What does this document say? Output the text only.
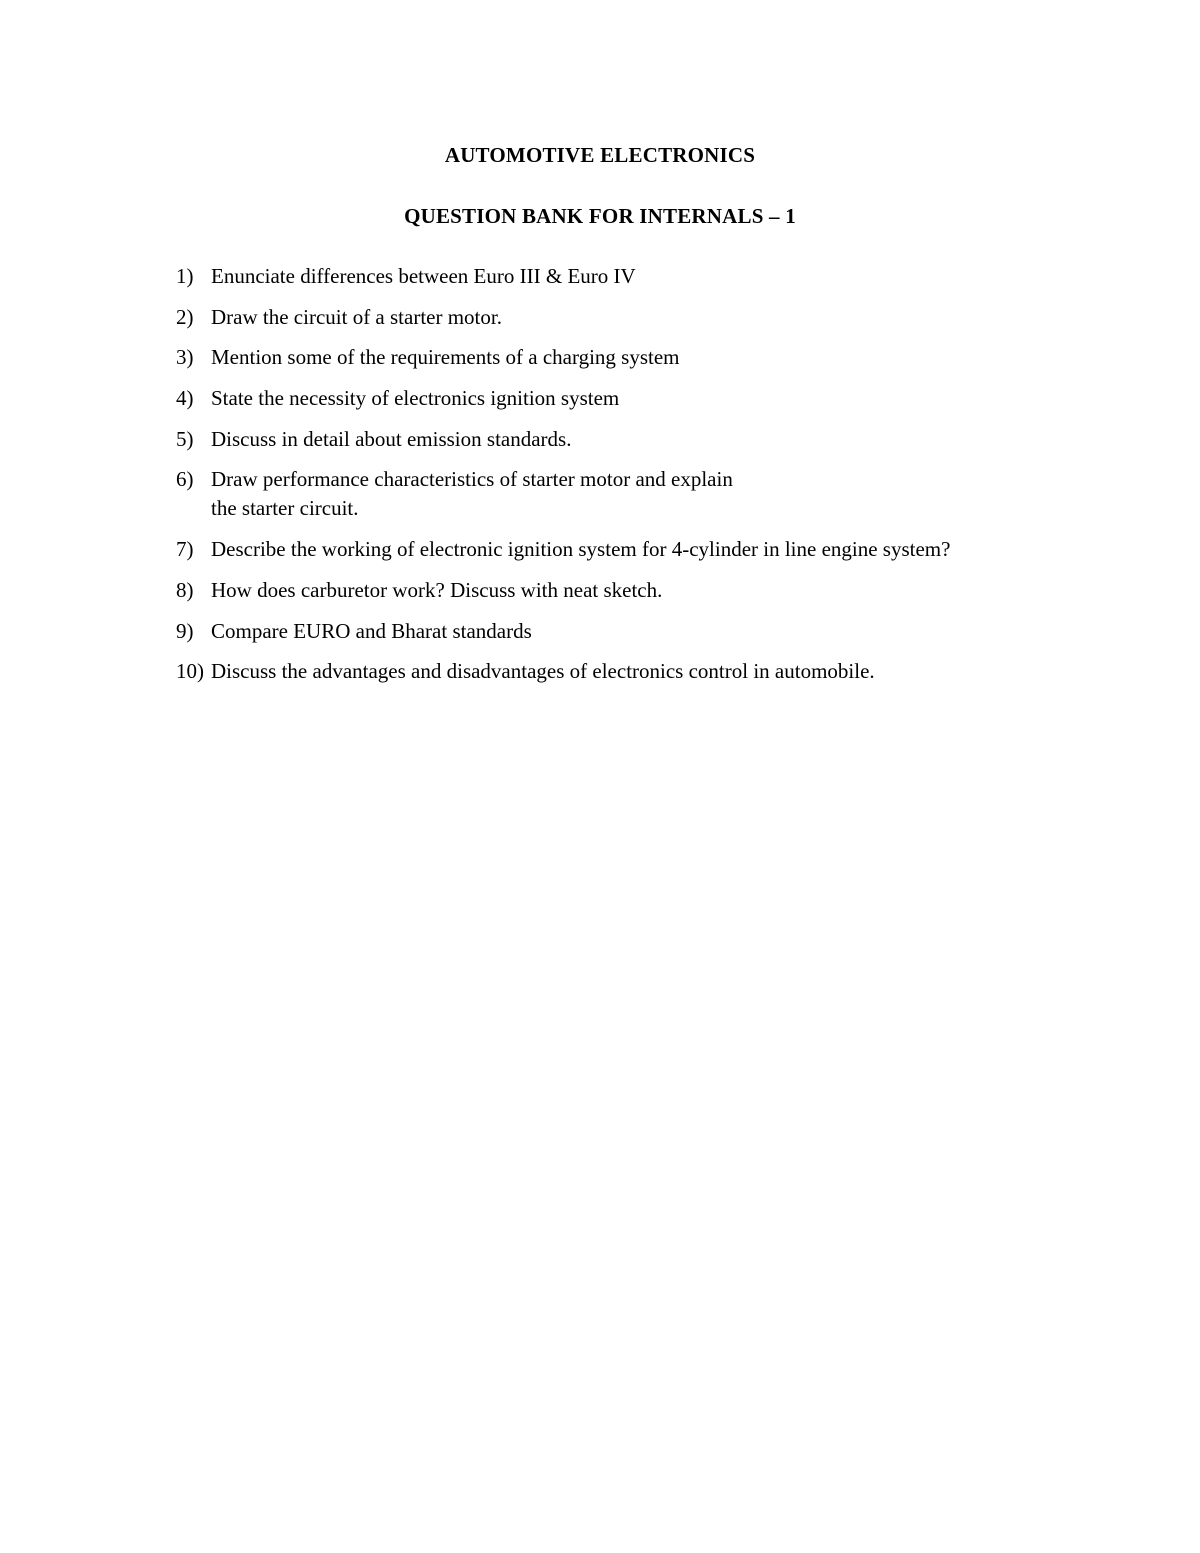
AUTOMOTIVE ELECTRONICS
QUESTION BANK FOR INTERNALS – 1
1) Enunciate differences between Euro III & Euro IV
2) Draw the circuit of a starter motor.
3) Mention some of the requirements of a charging system
4) State the necessity of electronics ignition system
5) Discuss in detail about emission standards.
6) Draw performance characteristics of starter motor and explain
the starter circuit.
7) Describe the working of electronic ignition system for 4-cylinder in line engine system?
8) How does carburetor work? Discuss with neat sketch.
9) Compare EURO and Bharat standards
10) Discuss the advantages and disadvantages of electronics control in automobile.
